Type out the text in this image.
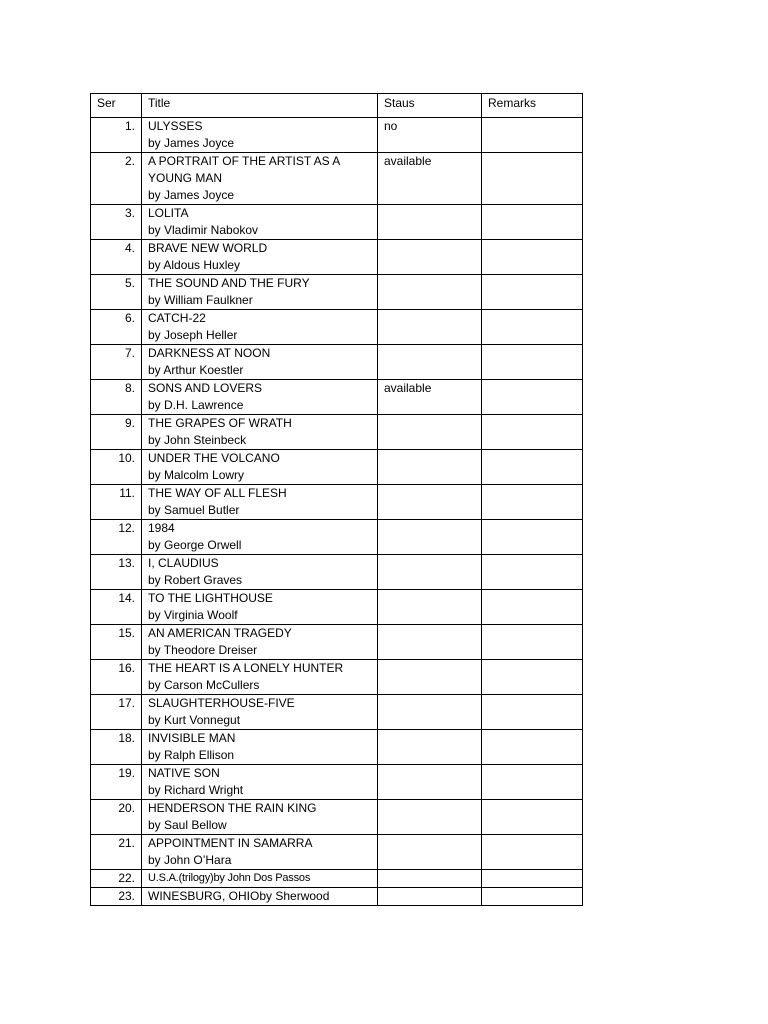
Ser	Title	Staus	Remarks
1.	ULYSSES
by James Joyce	no	
2.	A PORTRAIT OF THE ARTIST AS A
YOUNG MAN
by James Joyce	available	
3.	LOLITA
by Vladimir Nabokov		

4.	BRAVE NEW WORLD
by Aldous Huxley		

5.	THE SOUND AND THE FURY
by William Faulkner		

6.	CATCH-22
by Joseph Heller		

7.	DARKNESS AT NOON
by Arthur Koestler		

8.	SONS AND LOVERS
by D.H. Lawrence	available	
9.	THE GRAPES OF WRATH
by John Steinbeck		

10.	UNDER THE VOLCANO
by Malcolm Lowry		

11.	THE WAY OF ALL FLESH
by Samuel Butler		

12.	1984
by George Orwell		

13.	I, CLAUDIUS
by Robert Graves		

14.	TO THE LIGHTHOUSE
by Virginia Woolf		

15.	AN AMERICAN TRAGEDY
by Theodore Dreiser		

16.	THE HEART IS A LONELY HUNTER
by Carson McCullers		

17.	SLAUGHTERHOUSE-FIVE
by Kurt Vonnegut		

18.	INVISIBLE MAN
by Ralph Ellison		

19.	NATIVE SON
by Richard Wright		

20.	HENDERSON THE RAIN KING
by Saul Bellow		

21.	APPOINTMENT IN SAMARRA
by John O’Hara		

22.	U.S.A.(trilogy)by John Dos Passos		

23.	WINESBURG, OHIOby Sherwood		
